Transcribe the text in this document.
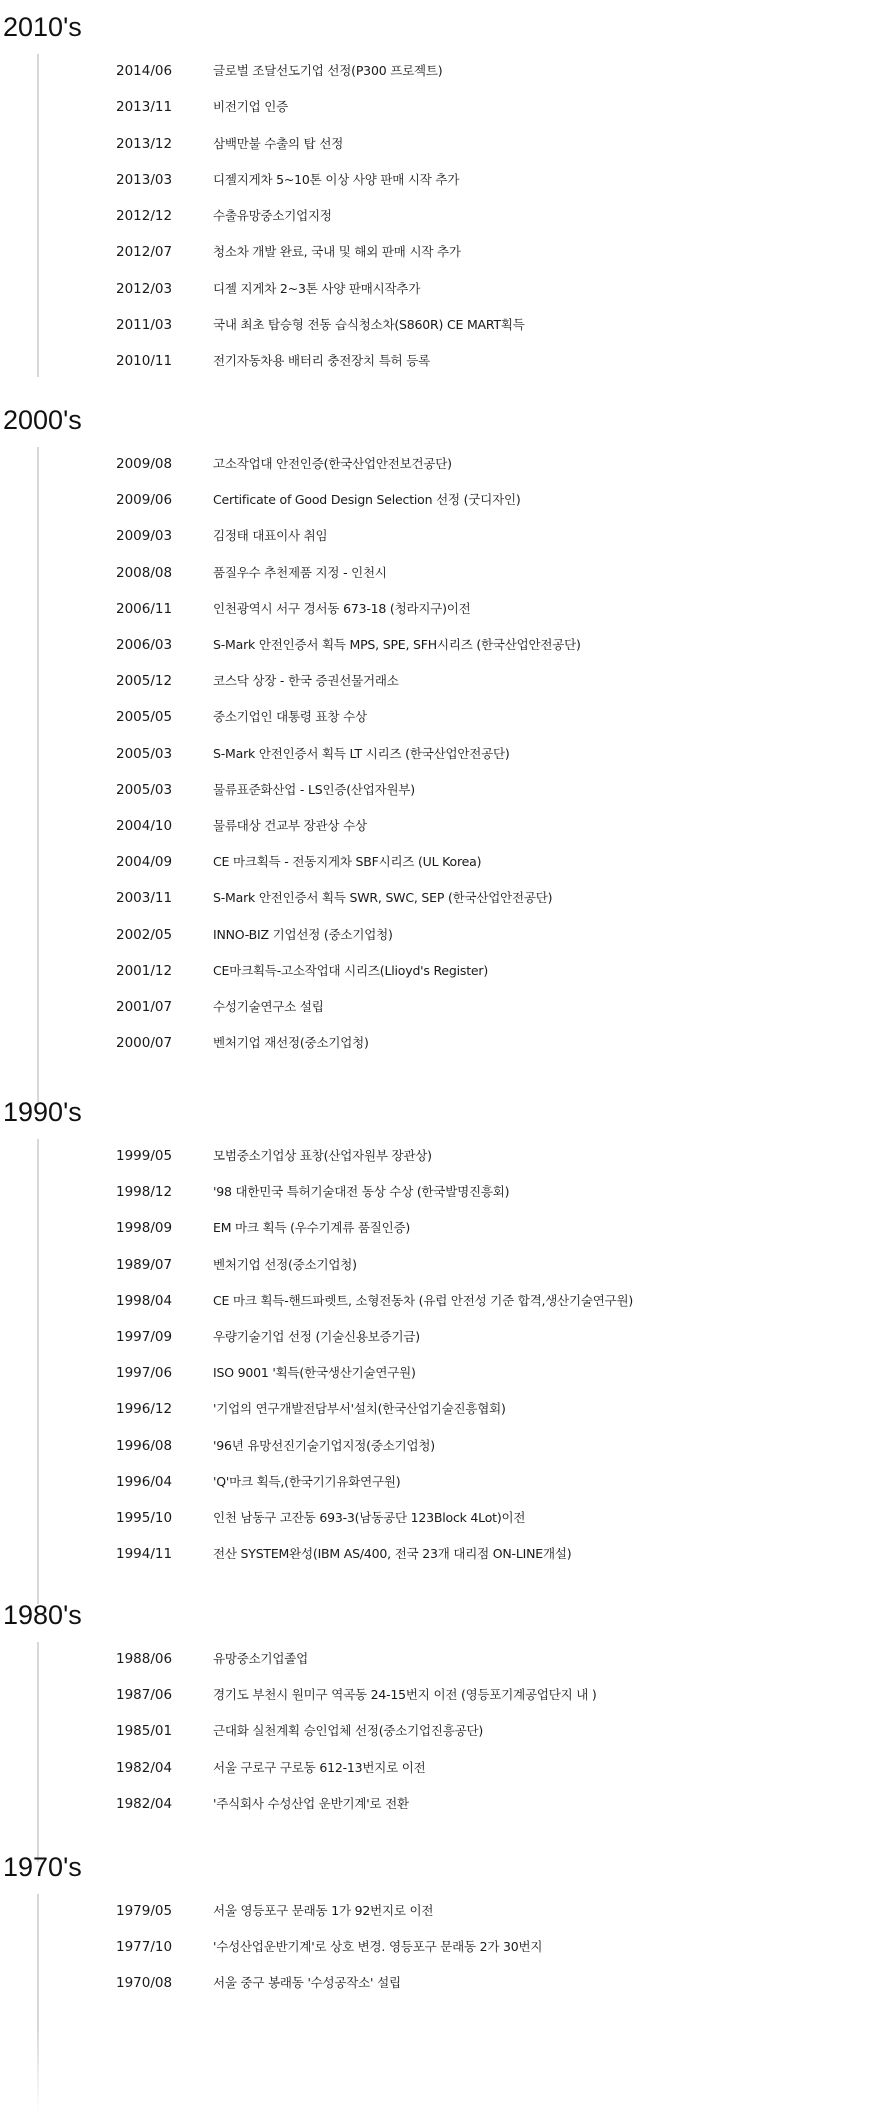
2010's
2014/06	글로벌 조달선도기업 선정(P300 프로젝트)
2013/11	비전기업 인증
2013/12	삼백만불 수출의 탑 선정
2013/03	디젤지게차 5~10톤 이상 사양 판매 시작 추가
2012/12	수출유망중소기업지정
2012/07	청소차 개발 완료, 국내 및 해외 판매 시작 추가
2012/03	디젤 지게차 2~3톤 사양 판매시작추가
2011/03	국내 최초 탑승형 전동 습식청소차(S860R) CE MART획득
2010/11	전기자동차용 배터리 충전장치 특허 등록
2000's
2009/08	고소작업대 안전인증(한국산업안전보건공단)
2009/06	Certificate of Good Design Selection 선정 (굿디자인)
2009/03	김정태 대표이사 취임
2008/08	품질우수 추천제품 지정 - 인천시
2006/11	인천광역시 서구 경서동 673-18 (청라지구)이전
2006/03	S-Mark 안전인증서 획득 MPS, SPE, SFH시리즈 (한국산업안전공단)
2005/12	코스닥 상장 - 한국 증권선물거래소
2005/05	중소기업인 대통령 표창 수상
2005/03	S-Mark 안전인증서 획득 LT 시리즈 (한국산업안전공단)
2005/03	물류표준화산업 - LS인증(산업자원부)
2004/10	물류대상 건교부 장관상 수상
2004/09	CE 마크획득 - 전동지게차 SBF시리즈 (UL Korea)
2003/11	S-Mark 안전인증서 획득 SWR, SWC, SEP (한국산업안전공단)
2002/05	INNO-BIZ 기업선정 (중소기업청)
2001/12	CE마크획득-고소작업대 시리즈(Llioyd's Register)
2001/07	수성기술연구소 설립
2000/07	벤처기업 재선정(중소기업청)
1990's
1999/05	모범중소기업상 표창(산업자원부 장관상)
1998/12	'98 대한민국 특허기술대전 동상 수상 (한국발명진흥회)
1998/09	EM 마크 획득 (우수기계류 품질인증)
1989/07	벤처기업 선정(중소기업청)
1998/04	CE 마크 획득-핸드파렛트, 소형전동차 (유럽 안전성 기준 합격,생산기술연구원)
1997/09	우량기술기업 선정 (기술신용보증기금)
1997/06	ISO 9001 '획득(한국생산기술연구원)
1996/12	'기업의 연구개발전담부서'설치(한국산업기술진흥협회)
1996/08	'96년 유망선진기술기업지정(중소기업청)
1996/04	'Q'마크 획득,(한국기기유화연구원)
1995/10	인천 남동구 고잔동 693-3(남동공단 123Block 4Lot)이전
1994/11	전산 SYSTEM완성(IBM AS/400, 전국 23개 대리점 ON-LINE개설)
1980's
1988/06	유망중소기업졸업
1987/06	경기도 부천시 원미구 역곡동 24-15번지 이전 (영등포기계공업단지 내 )
1985/01	근대화 실천계획 승인업체 선정(중소기업진흥공단)
1982/04	서울 구로구 구로동 612-13번지로 이전
1982/04	'주식회사 수성산업 운반기계'로 전환
1970's
1979/05	서울 영등포구 문래동 1가 92번지로 이전
1977/10	'수성산업운반기계'로 상호 변경. 영등포구 문래동 2가 30번지
1970/08	서울 중구 봉래동 '수성공작소' 설립
